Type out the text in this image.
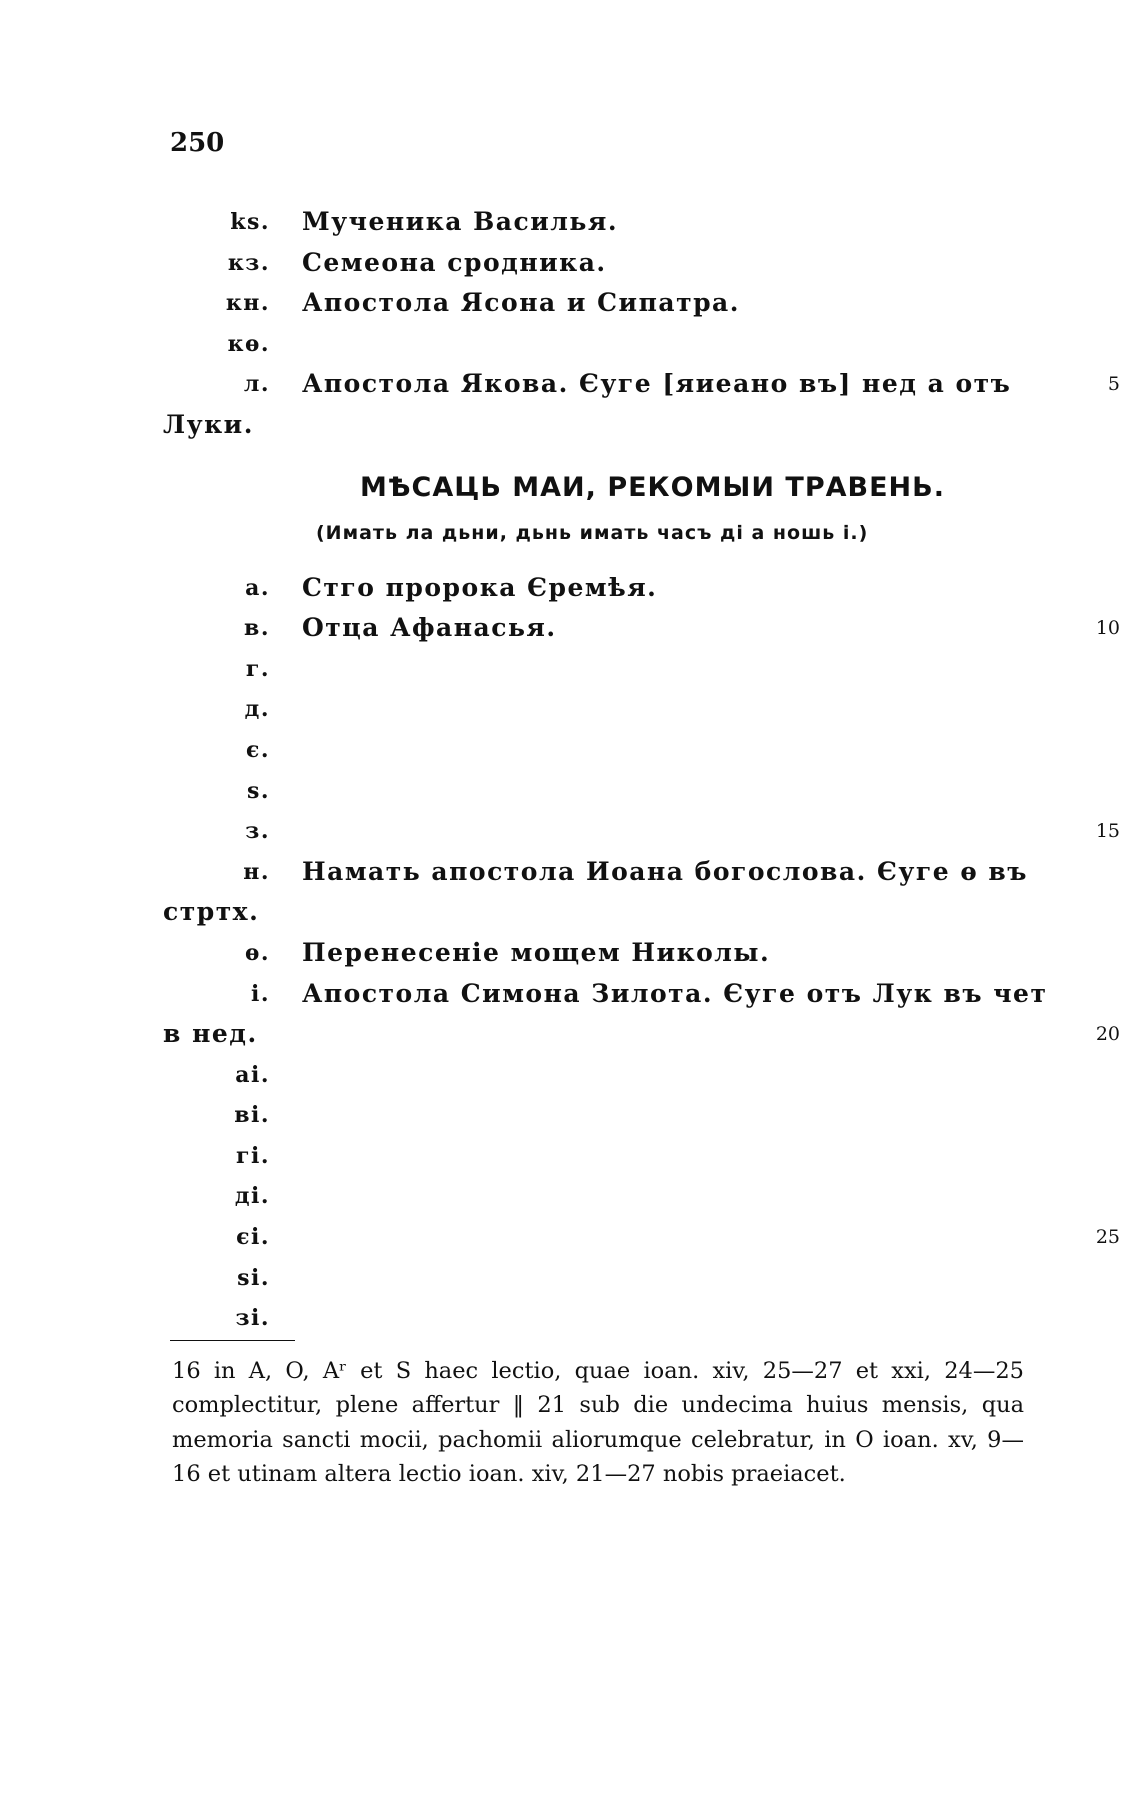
250
ks. Мученика Василья.
кз. Семеона сродника.
кн. Апостола Ясона и Сипатра.
кѳ.
л. Апостола Якова. Єуге [яиеано въ] нед а отъ	5
Луки.
МѢСАЦЬ МАИ, РЕКОМЫИ ТРАВЕНЬ.
(Имать ла дьни, дьнь имать часъ ді а ношь і.)
а. Стго пророка Єремѣя.
в. Отца Афанасья.	10
г.
д.
є.
ѕ.
з.	15
н. Намать апостола Иоана богослова. Єуге ѳ въ
стртх.
ѳ. Перенесеніе мощем Николы.
і. Апостола Симона Зилота. Єуге отъ Лук въ чет
в нед.	20
аі.
ві.
гі.
ді.
єі.	25
ѕі.
зі.
16 in A, O, Aʳ et S haec lectio, quae ioan. xiv, 25—27 et xxi, 24—25 complectitur, plene affertur ‖ 21 sub die undecima huius mensis, qua memoria sancti mocii, pachomii aliorumque celebratur, in O ioan. xv, 9—16 et utinam altera lectio ioan. xiv, 21—27 nobis praeiacet.
